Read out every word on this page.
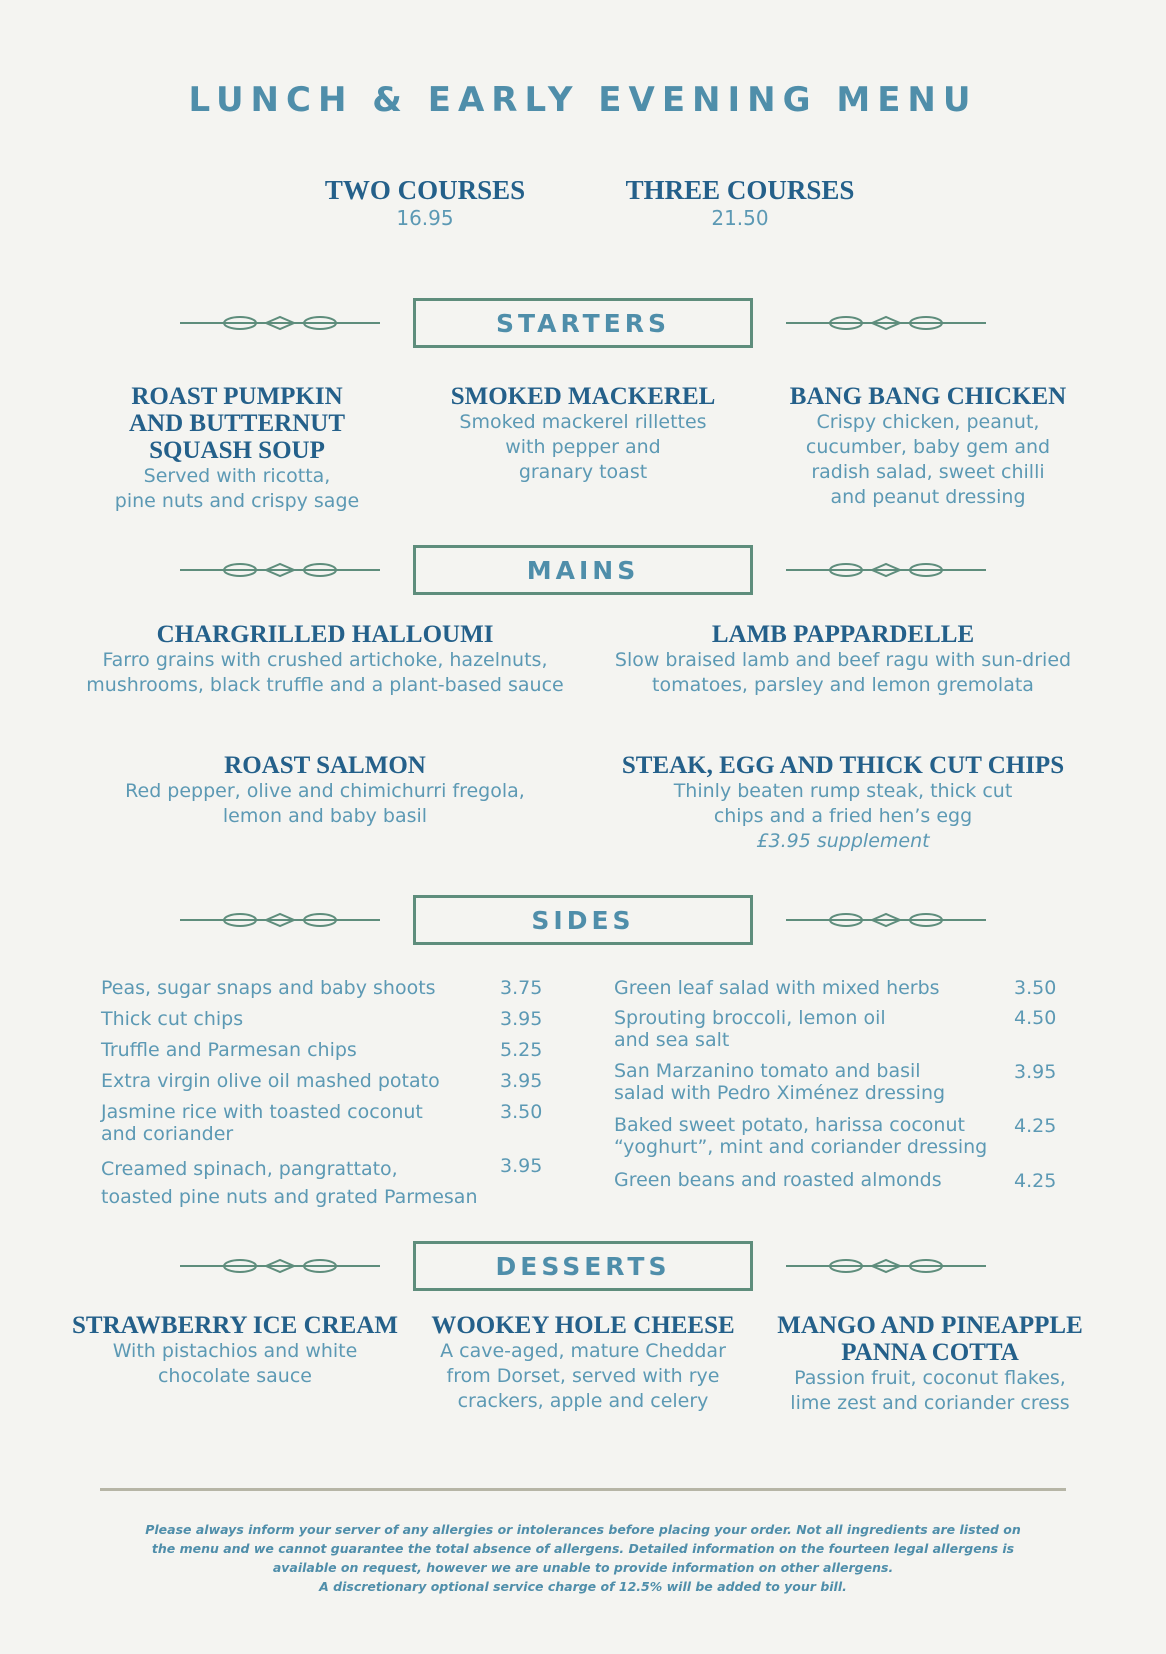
LUNCH & EARLY EVENING MENU
TWO COURSES
16.95
THREE COURSES
21.50
STARTERS
MAINS
SIDES
DESSERTS
ROAST PUMPKIN
AND BUTTERNUT
SQUASH SOUP
Served with ricotta,
pine nuts and crispy sage
SMOKED MACKEREL
Smoked mackerel rillettes
with pepper and
granary toast
BANG BANG CHICKEN
Crispy chicken, peanut,
cucumber, baby gem and
radish salad, sweet chilli
and peanut dressing
CHARGRILLED HALLOUMI
Farro grains with crushed artichoke, hazelnuts,
mushrooms, black truffle and a plant-based sauce
LAMB PAPPARDELLE
Slow braised lamb and beef ragu with sun-dried
tomatoes, parsley and lemon gremolata
ROAST SALMON
Red pepper, olive and chimichurri fregola,
lemon and baby basil
STEAK, EGG AND THICK CUT CHIPS
Thinly beaten rump steak, thick cut
chips and a fried hen’s egg
£3.95 supplement
Peas, sugar snaps and baby shoots	3.75
Thick cut chips	3.95
Truffle and Parmesan chips	5.25
Extra virgin olive oil mashed potato	3.95
Jasmine rice with toasted coconut
and coriander
3.50
Creamed spinach, pangrattato,
toasted pine nuts and grated Parmesan
3.95
Green leaf salad with mixed herbs	3.50
Sprouting broccoli, lemon oil
and sea salt
4.50
San Marzanino tomato and basil
salad with Pedro Ximénez dressing
3.95
Baked sweet potato, harissa coconut
“yoghurt”, mint and coriander dressing
4.25
Green beans and roasted almonds	4.25
STRAWBERRY ICE CREAM
With pistachios and white
chocolate sauce
WOOKEY HOLE CHEESE
A cave-aged, mature Cheddar
from Dorset, served with rye
crackers, apple and celery
MANGO AND PINEAPPLE
PANNA COTTA
Passion fruit, coconut flakes,
lime zest and coriander cress
Please always inform your server of any allergies or intolerances before placing your order. Not all ingredients are listed on
the menu and we cannot guarantee the total absence of allergens. Detailed information on the fourteen legal allergens is
available on request, however we are unable to provide information on other allergens.
A discretionary optional service charge of 12.5% will be added to your bill.
